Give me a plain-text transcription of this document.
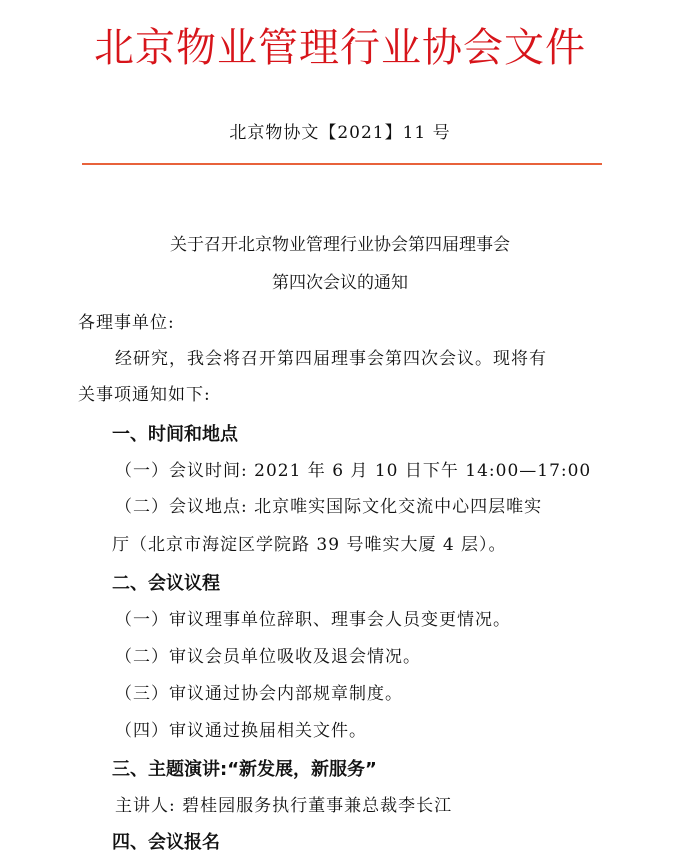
北京物业管理行业协会文件
北京物协文【2021】11 号
关于召开北京物业管理行业协会第四届理事会
第四次会议的通知
各理事单位:
经研究，我会将召开第四届理事会第四次会议。现将有
关事项通知如下:
一、时间和地点
（一）会议时间: 2021 年 6 月 10 日下午 14:00—17:00
（二）会议地点: 北京唯实国际文化交流中心四层唯实
厅（北京市海淀区学院路 39 号唯实大厦 4 层）。
二、会议议程
（一）审议理事单位辞职、理事会人员变更情况。
（二）审议会员单位吸收及退会情况。
（三）审议通过协会内部规章制度。
（四）审议通过换届相关文件。
三、主题演讲:“新发展，新服务”
主讲人: 碧桂园服务执行董事兼总裁李长江
四、会议报名
